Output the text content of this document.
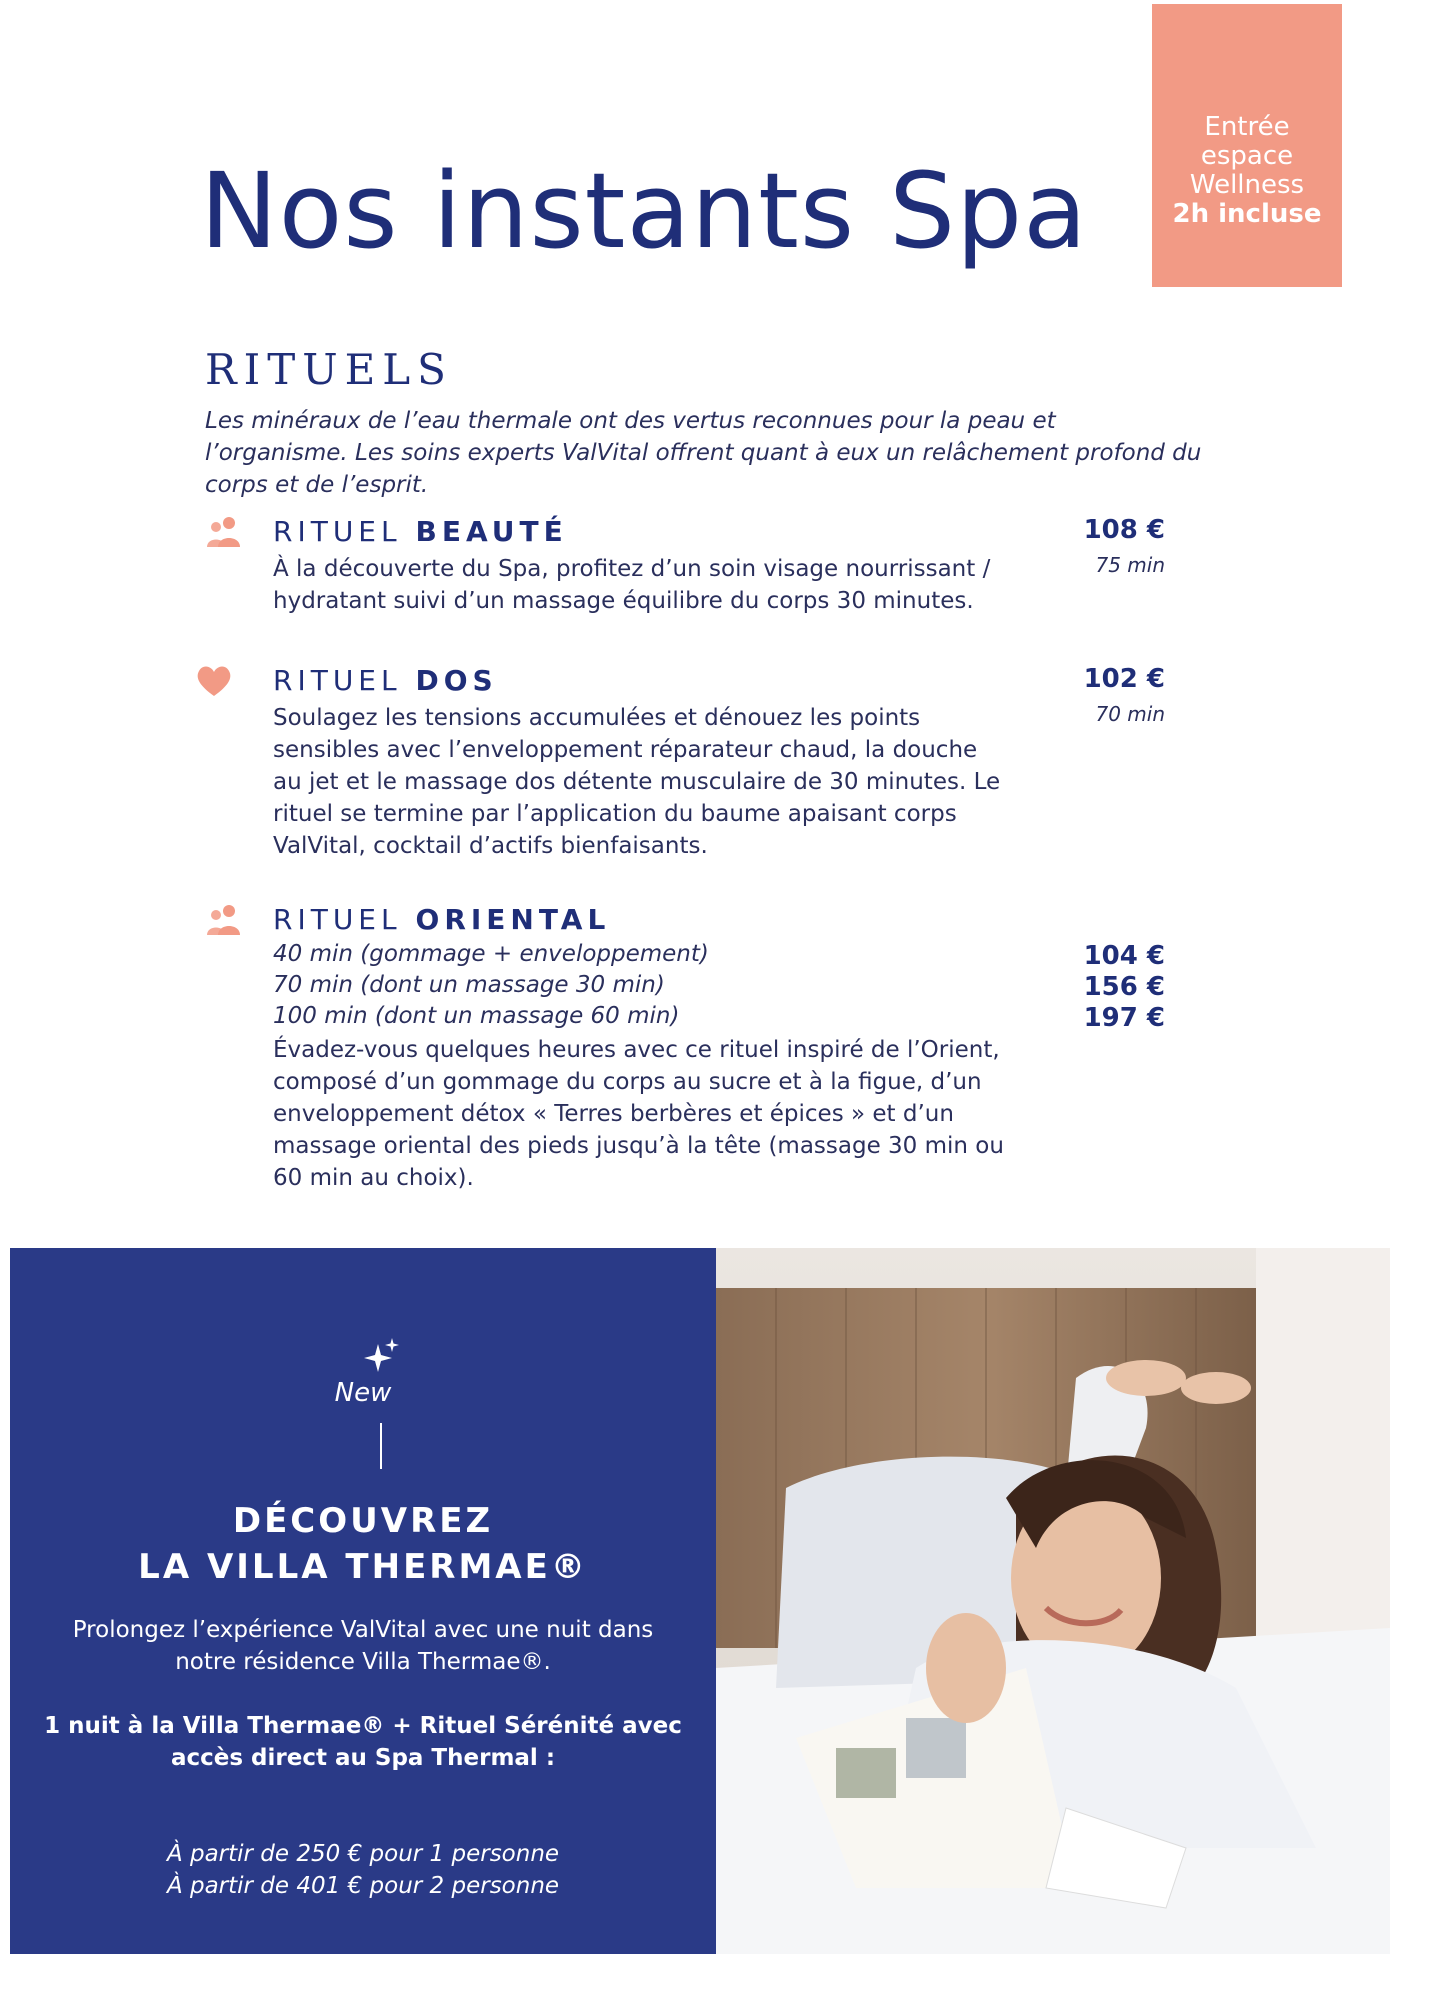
Entrée
espace
Wellness
2h incluse
Nos instants Spa
RITUELS
Les minéraux de l’eau thermale ont des vertus reconnues pour la peau et l’organisme. Les soins experts ValVital offrent quant à eux un relâchement profond du corps et de l’esprit.
RITUEL BEAUTÉ	108 €
75 min
À la découverte du Spa, profitez d’un soin visage nourrissant / hydratant suivi d’un massage équilibre du corps 30 minutes.
RITUEL DOS	102 €
70 min
Soulagez les tensions accumulées et dénouez les points sensibles avec l’enveloppement réparateur chaud, la douche au jet et le massage dos détente musculaire de 30 minutes. Le rituel se termine par l’application du baume apaisant corps ValVital, cocktail d’actifs bienfaisants.
RITUEL ORIENTAL
40 min (gommage + enveloppement)
70 min (dont un massage 30 min)
100 min (dont un massage 60 min)
Évadez-vous quelques heures avec ce rituel inspiré de l’Orient, composé d’un gommage du corps au sucre et à la figue, d’un enveloppement détox « Terres berbères et épices » et d’un massage oriental des pieds jusqu’à la tête (massage 30 min ou 60 min au choix).
104 €
156 €
197 €
New
DÉCOUVREZ
LA VILLA THERMAE®
Prolongez l’expérience ValVital avec une nuit dans notre résidence Villa Thermae®.
1 nuit à la Villa Thermae® + Rituel Sérénité avec
accès direct au Spa Thermal :
À partir de 250 € pour 1 personne
À partir de 401 € pour 2 personne
